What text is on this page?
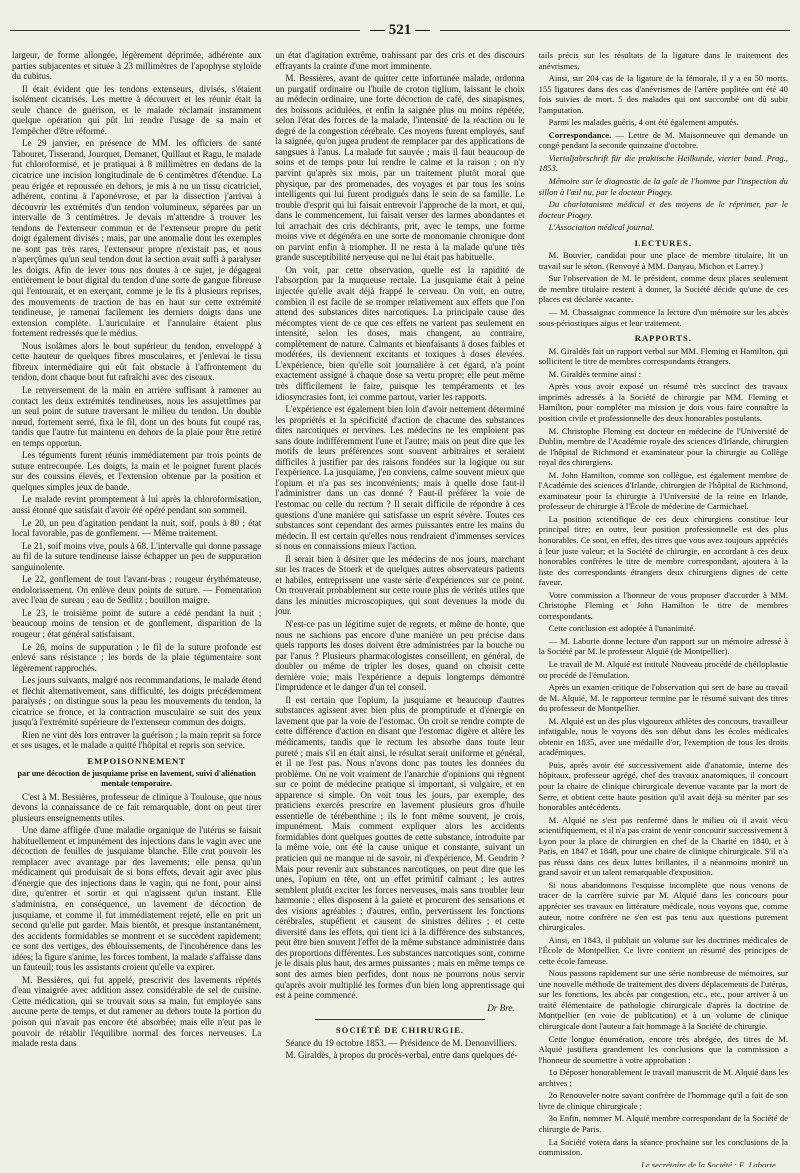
— 521 —

largeur, de forme allongée, légèrement déprimée, adhérente aux parties subjacentes et située à 23 millimètres de l'apophyse styloïde du cubitus.

Il était évident que les tendons extenseurs, divisés, s'étaient isolément cicatrisés. Les mettre à découvert et les réunir était la seule chance de guérison, et le malade réclamait instamment quelque opération qui pût lui rendre l'usage de sa main et l'empêcher d'être réformé.

Le 29 janvier, en présence de MM. les officiers de santé Tabouret, Tisserand, Jourquet, Demanet, Quillaut et Ragu, le malade fut chloroformisé, et je pratiquai à 8 millimètres en dedans de la cicatrice une incision longitudinale de 6 centimètres d'étendue. La peau érigée et repoussée en dehors, je mis à nu un tissu cicatriciel, adhérent, continu à l'aponévrose, et par la dissection j'arrivai à découvrir les extrémités d'un tendon volumineux, séparées par un intervalle de 3 centimètres. Je devais m'attendre à trouver les tendons de l'extenseur commun et de l'extenseur propre du petit doigt également divisés ; mais, par une anomalie dont les exemples ne sont pas très rares, l'extenseur propre n'existait pas, et nous n'aperçûmes qu'un seul tendon dout la section avait suffi à paralyser les doigts. Afin de lever tous nos doutes à ce sujet, je dégageai entièrement le bout digital du tendon d'une sorte de gangue fibreuse qui l'entourait, et en exerçant, comme je le fis à plusieurs reprises, des mouvements de traction de bas en haut sur cette extrémité tendineuse, je ramenai facilement les derniers doigts dans une extension complète. L'auriculaire et l'annulaire étaient plus fortement redressés que le médius.

Nous isolâmes alors le bout supérieur du tendon, enveloppé à cette hauteur de quelques fibres musculaires, et j'enlevai le tissu fibreux intermédiaire qui eût fait obstacle à l'affrontement du tendon, dont chaque bout fut rafraîchi avec des ciseaux.

Le renversement de la main en arrière suffisant à ramener au contact les deux extrémités tendineuses, nous les assujettîmes par un seul point de suture traversant le milieu du tendon. Un double nœud, fortement serré, fixa le fil, dont un des bouts fut coupé ras, tandis que l'autre fut maintenu en dehors de la plaie pour être retiré en temps opportun.

Les téguments furent réunis immédiatement par trois points de suture entrecoupée. Les doigts, la main et le poignet furent placés sur des coussins élevés, et l'extension obtenue par la position et quelques simples jeux de bande.

Le malade revint promptement à lui après la chloroformisation, aussi étonné que satisfait d'avoir été opéré pendant son sommeil.

Le 20, un peu d'agitation pendant la nuit, soif, pouls à 80 ; état local favorable, pas de gonflement. — Même traitement.

Le 21, soif moins vive, pouls à 68. L'intervalle qui donne passage au fil de la suture tendineuse laisse échapper un peu de suppuration sanguinolente.

Le 22, gonflement de tout l'avant-bras ; rougeur érythémateuse, endolorissement. On enlève deux points de suture. — Fomentation avec l'eau de sureau ; eau de Sedlitz ; bouillon maigre.

Le 23, le troisième point de suture a cédé pendant la nuit ; beaucoup moins de tension et de gonflement, disparition de la rougeur ; état général satisfaisant.

Le 26, moins de suppuration ; le fil de la suture profonde est enlevé sans résistance ; les bords de la plaie tégumentaire sont légèrement rapprochés.

Les jours suivants, malgré nos recommandations, le malade étend et fléchit alternativement, sans difficulté, les doigts précédemment paralysés ; on distingue sous la peau les mouvements du tendon, la cicatrice se fronce, et la contraction musculaire se suit des yeux jusqu'à l'extrémité supérieure de l'extenseur commun des doigts.

Rien ne vint dès lors entraver la guérison ; la main reprit sa force et ses usages, et le malade a quitté l'hôpital et repris son service.

EMPOISONNEMENT
par une décoction de jusquiame prise en lavement, suivi d'aliénation mentale temporaire.

C'est à M. Bessières, professeur de clinique à Toulouse, que nous devons la connaissance de ce fait remarquable, dont on peut tirer plusieurs enseignements utiles.

Une dame affligée d'une maladie organique de l'utérus se faisait habituellement et impunément des injections dans le vagin avec une décoction de feuilles de jusquiame blanche. Elle crut pouvoir les remplacer avec avantage par des lavements; elle pensa qu'un médicament qui produisait de si bons effets, devait agir avec plus d'énergie que des injections dans le vagin, qui ne font, pour ainsi dire, qu'entrer et sortir et qui n'agissent qu'un instant. Elle s'administra, en conséquence, un lavement de décoction de jusquiame, et comme il fut immédiatement rejeté, elle en prit un second qu'elle put garder. Mais bientôt, et presque instantanément, des accidents formidables se montrent et se succèdent rapidement; ce sont des vertiges, des éblouissements, de l'incohérence dans les idées; la figure s'anime, les forces tombent, la malade s'affaisse dans un fauteuil; tous les assistants croient qu'elle va expirer.

M. Bessières, qui fut appelé, prescrivit des lavements répétés d'eau vinaigrée avec addition assez considérable de sel de cuisine. Cette médication, qui se trouvait sous sa main, fut employée sans aucune perte de temps, et dut ramener au dehors toute la portion du poison qui n'avait pas encore été absorbée; mais elle n'eut pas le pouvoir de rétablir l'équilibre normal des forces nerveuses. La malade resta dans

un état d'agitation extrême, trahissant par des cris et des discours effrayants la crainte d'une mort imminente.

M. Bessières, avant de quitter cette infortunée malade, ordonna un purgatif ordinaire ou l'huile de croton tiglium, laissant le choix au médecin ordinaire, une forte décoction de café, des sinapismes, des boissons acidulées, et enfin la saignée plus ou moins répétée, selon l'état des forces de la malade, l'intensité de la réaction ou le degré de la congestion cérébrale. Ces moyens furent employés, sauf la saignée, qu'on jugea prudent de remplacer par des applications de sangsues à l'anus. La malade fut sauvée ; mais il faut beaucoup de soins et de temps pour lui rendre le calme et la raison ; on n'y parvint qu'après six mois, par un traitement plutôt moral que physique, par des promenades, des voyages et par tous les soins intelligents qui lui furent prodigués dans le sein de sa famille. Le trouble d'esprit qui lui faisait entrevoir l'approche de la mort, et qui, dans le commencement, lui faisait verser des larmes abondantes et lui arrachait des cris déchirants, prit, avec le temps, une forme moins vive et dégénéra en une sorte de monomanie chronique dont on parvint enfin à triompher. Il ne resta à la malade qu'une très grande susceptibilité nerveuse qui ne lui était pas habituelle.

On voit, par cette observation, quelle est la rapidité de l'absorption par la muqueuse rectale. La jusquiame était à peine injectée qu'elle avait déjà frappé le cerveau. On voit, en outre, combien il est facile de se tromper relativement aux effets que l'on attend des substances dites narcotiques. La principale cause des mécomptes vient de ce que ces effets ne varient pas seulement en intensité, selon les doses, mais changent, au contraire, complètement de nature. Calmants et bienfaisants à doses faibles et modérées, ils deviennent excitants et toxiques à doses élevées. L'expérience, bien qu'elle soit journalière à cet égard, n'a point exactement assigné à chaque dose sa vertu propre; elle peut même très difficilement le faire, puisque les tempéraments et les idiosyncrasies font, ici comme partout, varier les rapports.

L'expérience est également bien loin d'avoir nettement déterminé les propriétés et la spécificité d'action de chacune des substances dites narcotiques et nervines. Les médecins ne les emploient pas sans doute indifféremment l'une et l'autre; mais on peut dire que les motifs de leurs préférences sont souvent arbitraires et seraient difficiles à justifier par des raisons fondées sur la logique ou sur l'expérience. La jusquiame, j'en conviens, calme souvent mieux que l'opium et n'a pas ses inconvénients; mais à quelle dose faut-il l'administrer dans un cas donné ? Faut-il préférer la voie de l'estomac ou celle du rectum ? Il serait difficile de répondre à ces questions d'une manière qui satisfasse un esprit sévère. Toutes ces substances sont cependant des armes puissantes entre les mains du médecin. Il est certain qu'elles nous rendraient d'immenses services si nous en connaissions mieux l'action.

Il serait bien à désirer que les médecins de nos jours, marchant sur les traces de Stoerk et de quelques autres observateurs patients et habiles, entreprissent une vaste série d'expériences sur ce point. On trouverait probablement sur cette route plus de vérités utiles que dans les minuties microscopiques, qui sont devenues la mode du jour.

N'est-ce pas un légitime sujet de regrets, et même de honte, que nous ne sachions pas encore d'une manière un peu précise dans quels rapports les doses doivent être administrées par la bouche ou par l'anus ? Plusieurs pharmacologistes conseillent, en général, de doubler ou même de tripler les doses, quand on choisit cette dernière voie; mais l'expérience a depuis longtemps démontré l'imprudence et le danger d'un tel conseil.

Il est certain que l'opium, la jusquiame et beaucoup d'autres substances agissent avec bien plus de promptitude et d'énergie en lavement que par la voie de l'estomac. On croit se rendre compte de cette différence d'action en disant que l'estomac digère et altère les médicaments, tandis que le rectum les absorbe dans toute leur pureté ; mais s'il en était ainsi, le résultat serait uniforme et général, et il ne l'est pas. Nous n'avons donc pas toutes les données du problème. On ne voit vraiment de l'anarchie d'opinions qui règnent sur ce point de médecine pratique si important, si vulgaire, et en apparence si simple. On voit tous les jours, par exemple, des praticiens exercés prescrire en lavement plusieurs gros d'huile essentielle de térébenthine ; ils le font même souvent, je crois, impunément. Mais comment expliquer alors les accidents formidables dont quelques gouttes de cette substance, introduite par la même voie, ont été la cause unique et constante, suivant un praticien qui ne manque ni de savoir, ni d'expérience, M. Gendrin ? Mais pour revenir aux substances narcotiques, on peut dire que les unes, l'opium en tête, ont un effet primitif calmant ; les autres semblent plutôt exciter les forces nerveuses, mais sans troubler leur harmonie ; elles disposent à la gaieté et procurent des sensations et des visions agréables ; d'autres, enfin, pervertissent les fonctions cérébrales, stupéfient et causent de sinistres délires ; et cette diversité dans les effets, qui tient ici à la différence des substances, peut être bien souvent l'effet de la même substance administrée dans des proportions différentes. Les substances narcotiques sont, comme je le disais plus haut, des armes puissantes ; mais en même temps ce sont des armes bien perfides, dont nous ne pourrons nous servir qu'après avoir multiplié les formes d'un bien long apprentissage qui est à peine commencé.

Dr Bre.
SOCIÉTÉ DE CHIRURGIE.

Séance du 19 octobre 1853. — Présidence de M. Denonvilliers.

M. Giraldès, à propos du procès-verbal, entre dans quelques dé-

tails précis sur les résultats de la ligature dans le traitement des anévrismes.

Ainsi, sur 204 cas de la ligature de la fémorale, il y a eu 50 morts. 155 ligatures dans des cas d'anévrismes de l'artère poplitée ont été 40 fois suivies de mort. 5 des malades qui ont succombé ont dû subir l'amputation.

Parmi les malades guéris, 4 ont été également amputés.

Correspondance. — Lettre de M. Maisonneuve qui demande un congé pendant la seconde quinzaine d'octobre.

Viertaljahrschrift für die praktische Heilkunde, vierter band. Prag., 1853.

Mémoire sur le diagnostic de la gale de l'homme par l'inspection du sillon à l'œil nu, par le docteur Piogey.

Du charlatanisme médical et des moyens de le réprimer, par le docteur Piogey.

L'Association médical journal.

LECTURES.

M. Bouvier, candidat pour une place de membre titulaire, lit un travail sur le séton. (Renvoyé à MM. Danyau, Michon et Larrey.)

Sur l'observation de M. le président, comme deux places seulement de membre titulaire restent à donner, la Société décide qu'une de ces places est déclarée vacante.

— M. Chassaignac commence la lecture d'un mémoire sur les abcès sous-périostiques aigus et leur traitement.

RAPPORTS.

M. Giraldès fait un rapport verbal sur MM. Fleming et Hamilton, qui sollicitent le titre de membres correspondants étrangers.

M. Giraldès termine ainsi :

Après vous avoir exposé un résumé très succinct des travaux imprimés adressés à la Société de chirurgie par MM. Fleming et Hamilton, pour compléter ma mission je dois vous faire connaître la position civile et professionnelle des deux honorables postulants.

M. Christophe Fleming est docteur en médecine de l'Université de Dublin, membre de l'Académie royale des sciences d'Irlande, chirurgien de l'hôpital de Richmond et examinateur pour la chirurgie au Collège royal des chirurgiens.

M. John Hamilton, comme son collègue, est également membre de l'Académie des sciences d'Irlande, chirurgien de l'hôpital de Richmond, examinateur pour la chirurgie à l'Université de la reine en Irlande, professeur de chirurgie à l'École de médecine de Carmichael.

La position scientifique de ces deux chirurgiens constitue leur principal titre; en outre, leur position professionnelle est des plus honorables. Ce sont, en effet, des titres que vous avez toujours appréciés à leur juste valeur; et la Société de chirurgie, en accordant à ces deux honorables confrères le titre de membre correspondant, ajoutera à la liste des correspondants étrangers deux chirurgiens dignes de cette faveur.

Votre commission a l'honneur de vous proposer d'accorder à MM. Christophe Fleming et John Hamilton le titre de membres correspondants.

Cette conclusion est adoptée à l'unanimité.

— M. Laborie donne lecture d'un rapport sur un mémoire adressé à la Société par M. le professeur Alquié (de Montpellier).

Le travail de M. Alquié est intitulé Nouveau procédé de chéiloplastie ou procédé de l'émulation.

Après un examen critique de l'observation qui sert de base au travail de M. Alquié, M. le rapporteur termine par le résumé suivant des titres du professeur de Montpellier.

M. Alquié est un des plus vigoureux athlètes des concours, travailleur infatigable, nous le voyons dès son début dans les écoles médicales obtenir en 1835, avec une médaille d'or, l'exemption de tous les droits académiques.

Puis, après avoir été successivement aide d'anatomie, interne des hôpitaux, professeur agrégé, chef des travaux anatomiques, il concourt pour la chaire de clinique chirurgicale devenue vacante par la mort de Serre, et obtient cette haute position qu'il avait déjà su mériter par ses honorables antécédents.

M. Alquié ne s'est pas renfermé dans le milieu où il avait vécu scientifiquement, et il n'a pas craint de venir concourir successivement à Lyon pour la place de chirurgien en chef de la Charité en 1840, et à Paris, en 1847 et 1848, pour une chaire de clinique chirurgicale. S'il n'a pas réussi dans ces deux luttes brillantes, il a néanmoins montré un grand savoir et un talent remarquable d'exposition.

Si nous abandonnons l'esquisse incomplète que nous venons de tracer de la carrière suivie par M. Alquié dans les concours pour apprécier ses travaux en littérature médicale, nous voyons que, comme auteur, notre confrère ne s'en est pas tenu aux questions purement chirurgicales.

Ainsi, en 1843, il publiait un volume sur les doctrines médicales de l'École de Montpellier. Ce livre contient un résumé des principes de cette école fameuse.

Nous passons rapidement sur une série nombreuse de mémoires, sur une nouvelle méthode de traitement des divers déplacements de l'utérus, sur les fonctions, les abcès par congestion, etc., etc., pour arriver à un traité élémentaire de pathologie chirurgicale d'après la doctrine de Montpellier (en voie de publication) et à un volume de clinique chirurgicale dont l'auteur a fait hommage à la Société de chirurgie.

Cette longue énumération, encore très abrégée, des titres de M. Alquié justifiera grandement les conclusions que la commission a l'honneur de soumettre à votre approbation :

1o Déposer honorablement le travail manuscrit de M. Alquié dans les archives ;

2o Renouveler notre savant confrère de l'hommage qu'il a fait de son livre de clinique chirurgicale ;

3o Enfin, nommer M. Alquié membre correspondant de la Société de chirurgie de Paris.

La Société votera dans la séance prochaine sur les conclusions de la commission.

Le secrétaire de la Société : E. Laborie.
